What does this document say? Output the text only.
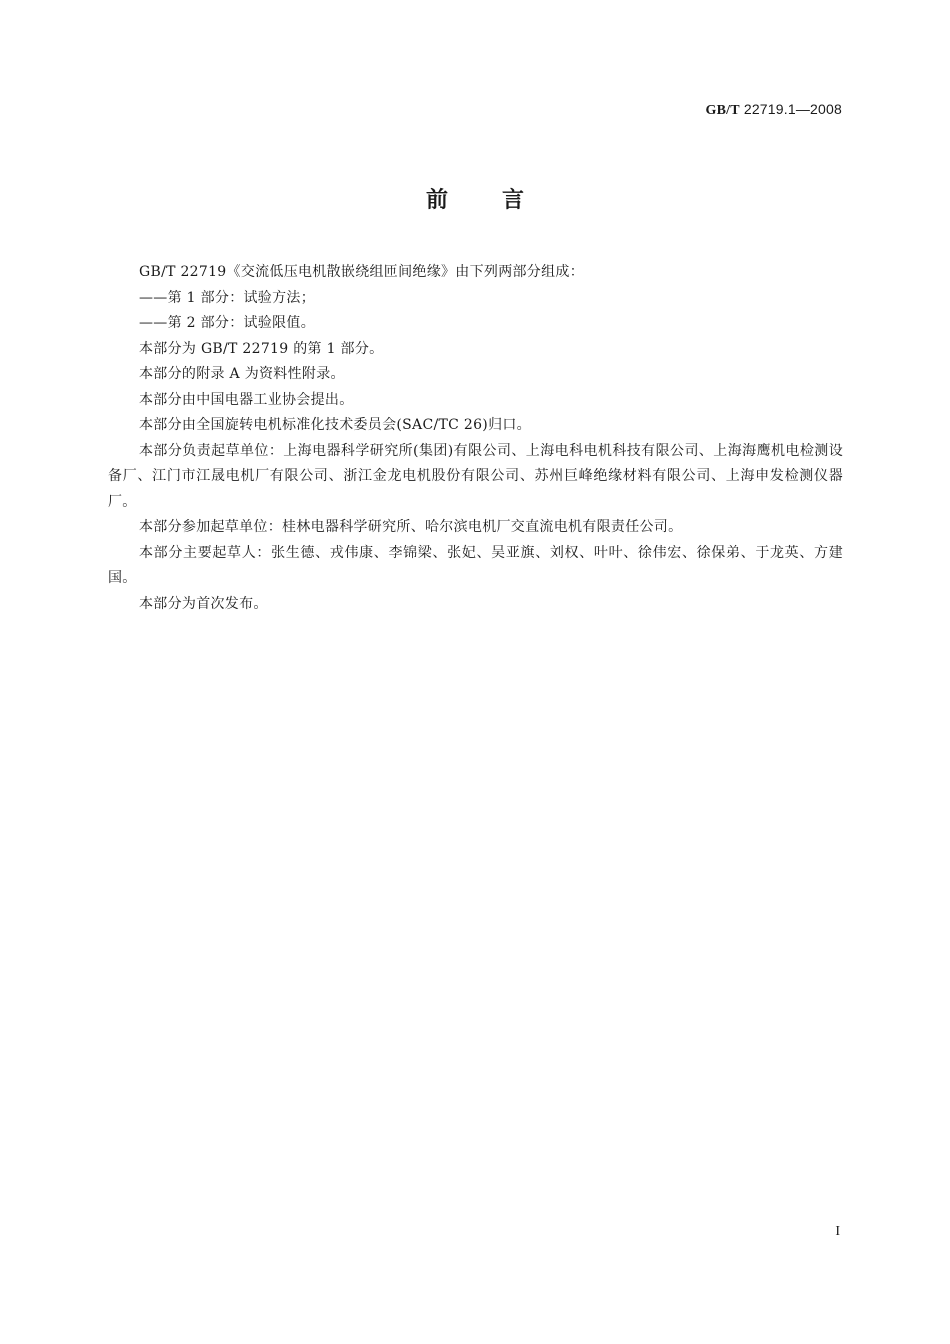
GB/T 22719.1—2008
前言

GB/T 22719《交流低压电机散嵌绕组匝间绝缘》由下列两部分组成：

——第 1 部分：试验方法；

——第 2 部分：试验限值。

本部分为 GB/T 22719 的第 1 部分。

本部分的附录 A 为资料性附录。

本部分由中国电器工业协会提出。

本部分由全国旋转电机标准化技术委员会(SAC/TC 26)归口。

本部分负责起草单位：上海电器科学研究所(集团)有限公司、上海电科电机科技有限公司、上海海鹰机电检测设备厂、江门市江晟电机厂有限公司、浙江金龙电机股份有限公司、苏州巨峰绝缘材料有限公司、上海申发检测仪器厂。

本部分参加起草单位：桂林电器科学研究所、哈尔滨电机厂交直流电机有限责任公司。

本部分主要起草人：张生德、戎伟康、李锦梁、张妃、吴亚旗、刘权、叶叶、徐伟宏、徐保弟、于龙英、方建国。

本部分为首次发布。

I
